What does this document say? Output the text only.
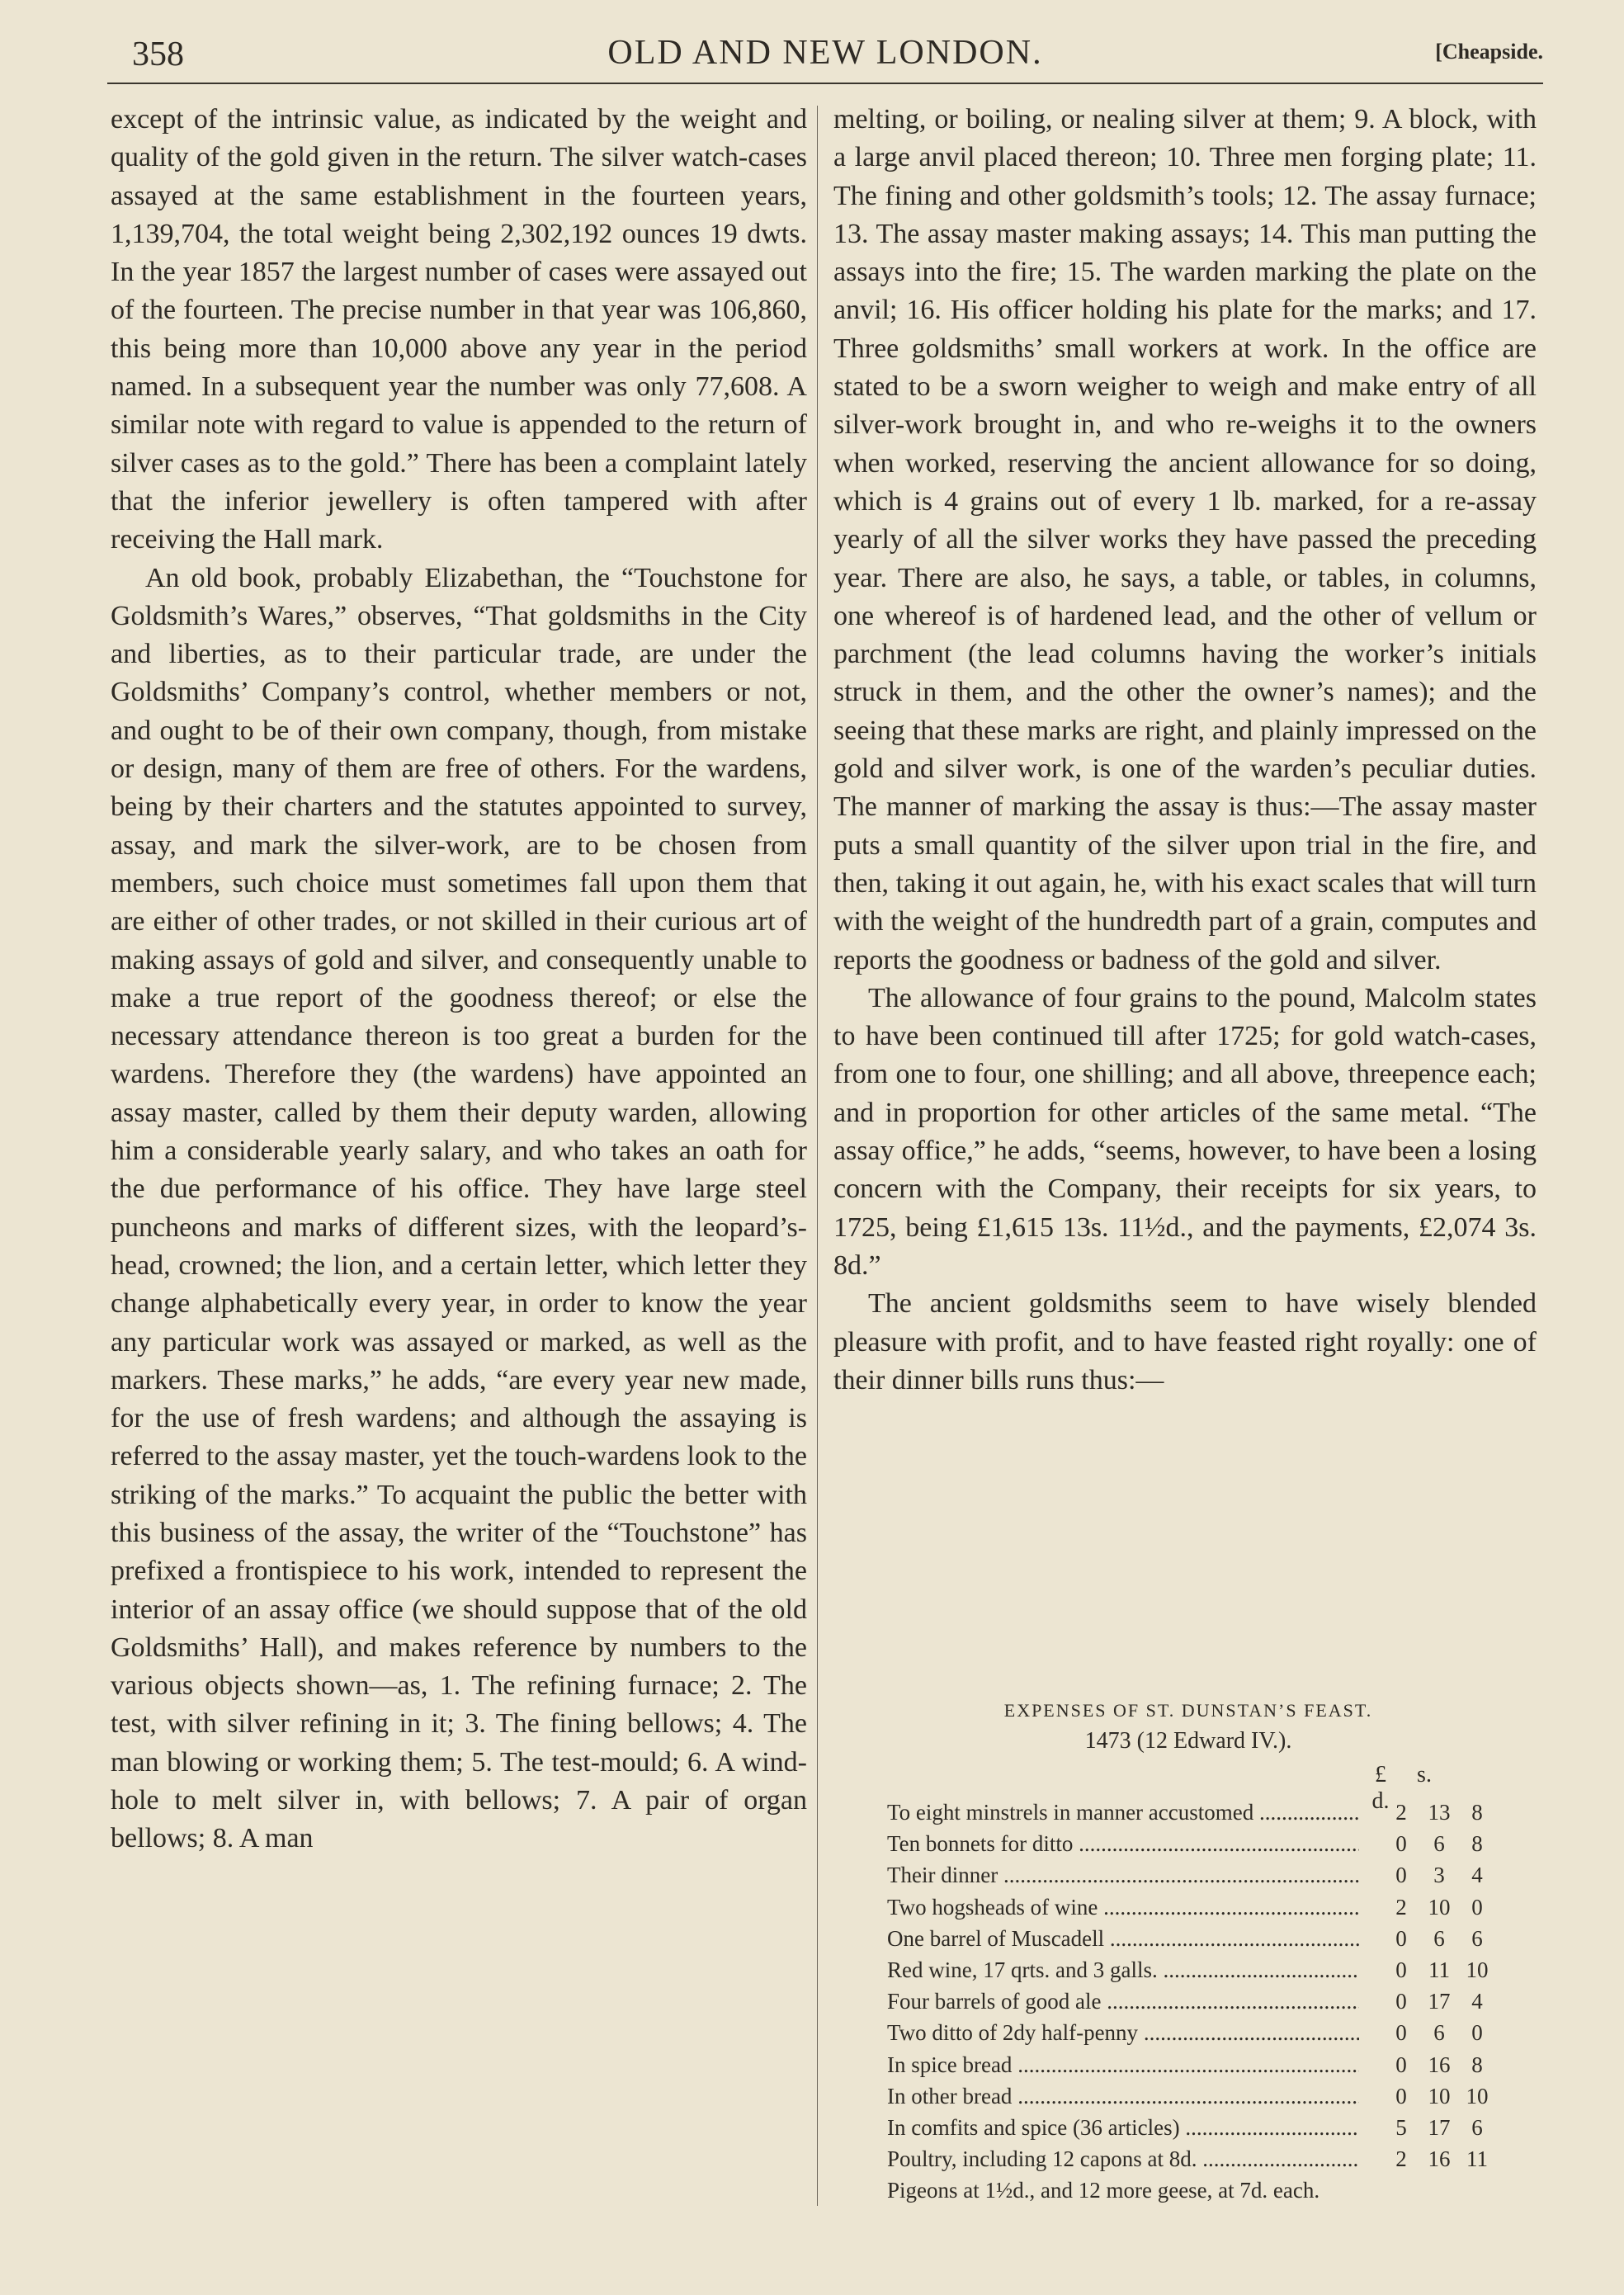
358	OLD AND NEW LONDON.	[Cheapside.

except of the intrinsic value, as indicated by the weight and quality of the gold given in the return. The silver watch-cases assayed at the same establishment in the fourteen years, 1,139,704, the total weight being 2,302,192 ounces 19 dwts. In the year 1857 the largest number of cases were assayed out of the fourteen. The precise number in that year was 106,860, this being more than 10,000 above any year in the period named. In a subsequent year the number was only 77,608. A similar note with regard to value is appended to the return of silver cases as to the gold.” There has been a complaint lately that the inferior jewellery is often tampered with after receiving the Hall mark.

An old book, probably Elizabethan, the “Touchstone for Goldsmith’s Wares,” observes, “That goldsmiths in the City and liberties, as to their particular trade, are under the Goldsmiths’ Company’s control, whether members or not, and ought to be of their own company, though, from mistake or design, many of them are free of others. For the wardens, being by their charters and the statutes appointed to survey, assay, and mark the silver-work, are to be chosen from members, such choice must sometimes fall upon them that are either of other trades, or not skilled in their curious art of making assays of gold and silver, and consequently unable to make a true report of the goodness thereof; or else the necessary attendance thereon is too great a burden for the wardens. Therefore they (the wardens) have appointed an assay master, called by them their deputy warden, allowing him a considerable yearly salary, and who takes an oath for the due performance of his office. They have large steel puncheons and marks of different sizes, with the leopard’s-head, crowned; the lion, and a certain letter, which letter they change alphabetically every year, in order to know the year any particular work was assayed or marked, as well as the markers. These marks,” he adds, “are every year new made, for the use of fresh wardens; and although the assaying is referred to the assay master, yet the touch-wardens look to the striking of the marks.” To acquaint the public the better with this business of the assay, the writer of the “Touchstone” has prefixed a frontispiece to his work, intended to represent the interior of an assay office (we should suppose that of the old Goldsmiths’ Hall), and makes reference by numbers to the various objects shown—as, 1. The refining furnace; 2. The test, with silver refining in it; 3. The fining bellows; 4. The man blowing or working them; 5. The test-mould; 6. A wind-hole to melt silver in, with bellows; 7. A pair of organ bellows; 8. A man

melting, or boiling, or nealing silver at them; 9. A block, with a large anvil placed thereon; 10. Three men forging plate; 11. The fining and other goldsmith’s tools; 12. The assay furnace; 13. The assay master making assays; 14. This man putting the assays into the fire; 15. The warden marking the plate on the anvil; 16. His officer holding his plate for the marks; and 17. Three goldsmiths’ small workers at work. In the office are stated to be a sworn weigher to weigh and make entry of all silver-work brought in, and who re-weighs it to the owners when worked, reserving the ancient allowance for so doing, which is 4 grains out of every 1 lb. marked, for a re-assay yearly of all the silver works they have passed the preceding year. There are also, he says, a table, or tables, in columns, one whereof is of hardened lead, and the other of vellum or parchment (the lead columns having the worker’s initials struck in them, and the other the owner’s names); and the seeing that these marks are right, and plainly impressed on the gold and silver work, is one of the warden’s peculiar duties. The manner of marking the assay is thus:—The assay master puts a small quantity of the silver upon trial in the fire, and then, taking it out again, he, with his exact scales that will turn with the weight of the hundredth part of a grain, computes and reports the goodness or badness of the gold and silver.

The allowance of four grains to the pound, Malcolm states to have been continued till after 1725; for gold watch-cases, from one to four, one shilling; and all above, threepence each; and in proportion for other articles of the same metal. “The assay office,” he adds, “seems, however, to have been a losing concern with the Company, their receipts for six years, to 1725, being £1,615 13s. 11½d., and the payments, £2,074 3s. 8d.”

The ancient goldsmiths seem to have wisely blended pleasure with profit, and to have feasted right royally: one of their dinner bills runs thus:—

EXPENSES OF ST. DUNSTAN’S FEAST.
1473 (12 Edward IV.).
£ s. d.
To eight minstrels in manner accustomed .....	2 13 8
Ten bonnets for ditto .....	0	6	8
Their dinner .....	0	3	4
Two hogsheads of wine .....	2 10 0
One barrel of Muscadell .....	0	6	6
Red wine, 17 qrts. and 3 galls. .....	0 11 10
Four barrels of good ale .....	0 17 4
Two ditto of 2dy half-penny .....	0	6	0
In spice bread .....	0 16 8
In other bread .....	0 10 10
In comfits and spice (36 articles) .....	5 17 6
Poultry, including 12 capons at 8d. .....	2 16 11
Pigeons at 1½d., and 12 more geese, at 7d. each.
